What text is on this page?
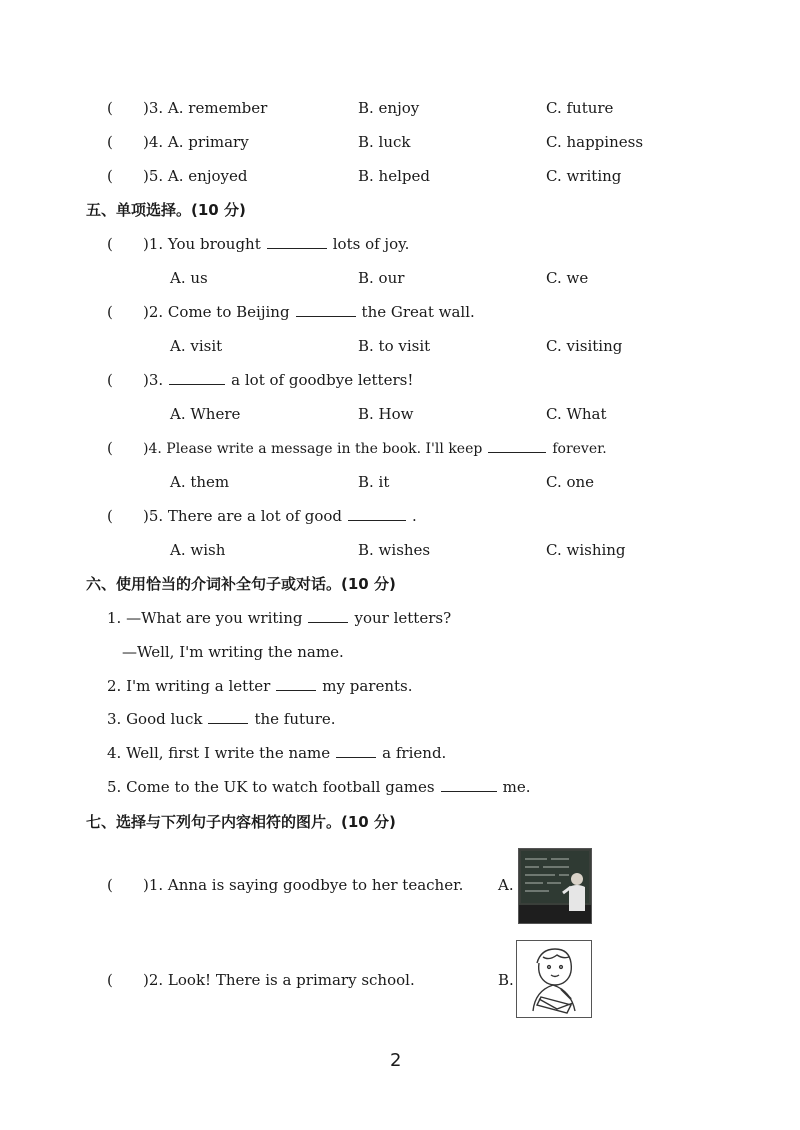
( )3. A. remember	B. enjoy	C. future
( )4. A. primary	B. luck	C. happiness
( )5. A. enjoyed	B. helped	C. writing
五、单项选择。(10 分)
( )1. You brought	lots of joy.
A. us	B. our	C. we
( )2. Come to Beijing	the Great wall.
A. visit	B. to visit	C. visiting
( )3.	a lot of goodbye letters!
A. Where	B. How	C. What
( )4. Please write a message in the book. I'll keep	forever.
A. them	B. it	C. one
( )5. There are a lot of good	.
A. wish	B. wishes	C. wishing
六、使用恰当的介词补全句子或对话。(10 分)
1. —What are you writing	your letters?
—Well, I'm writing the name.
2. I'm writing a letter	my parents.
3. Good luck	the future.
4. Well, first I write the name	a friend.
5. Come to the UK to watch football games	me.
七、选择与下列句子内容相符的图片。(10 分)
( )1. Anna is saying goodbye to her teacher. A.
( )2. Look! There is a primary school.	B.
2
